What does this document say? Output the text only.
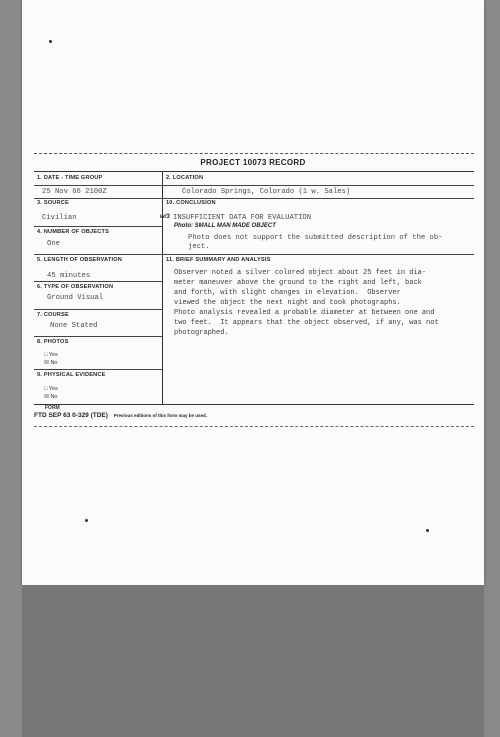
PROJECT 10073 RECORD
1. DATE - TIME GROUP	2. LOCATION
25 Nov 66 2100Z	Colorado Springs, Colorado (1 w. Sales)
3. SOURCE
Civilian
10. CONCLUSION
w/3 INSUFFICIENT DATA FOR EVALUATION
Photo: SMALL MAN MADE OBJECT
Photo does not support the submitted description of the ob-
ject.
4. NUMBER OF OBJECTS
One
5. LENGTH OF OBSERVATION
45 minutes
11. BRIEF SUMMARY AND ANALYSIS
6. TYPE OF OBSERVATION
Ground Visual
7. COURSE
None Stated
8. PHOTOS
□ Yes
☒ No
9. PHYSICAL EVIDENCE
□ Yes
☒ No
Observer noted a silver colored object about 25 feet in dia-
meter maneuver above the ground to the right and left, back
and forth, with slight changes in elevation.  Observer
viewed the object the next night and took photographs.
Photo analysis revealed a probable diameter at between one and
two feet.  It appears that the object observed, if any, was not
photographed.
FORM
FTD SEP 63 0-329 (TDE) Previous editions of this form may be used.
